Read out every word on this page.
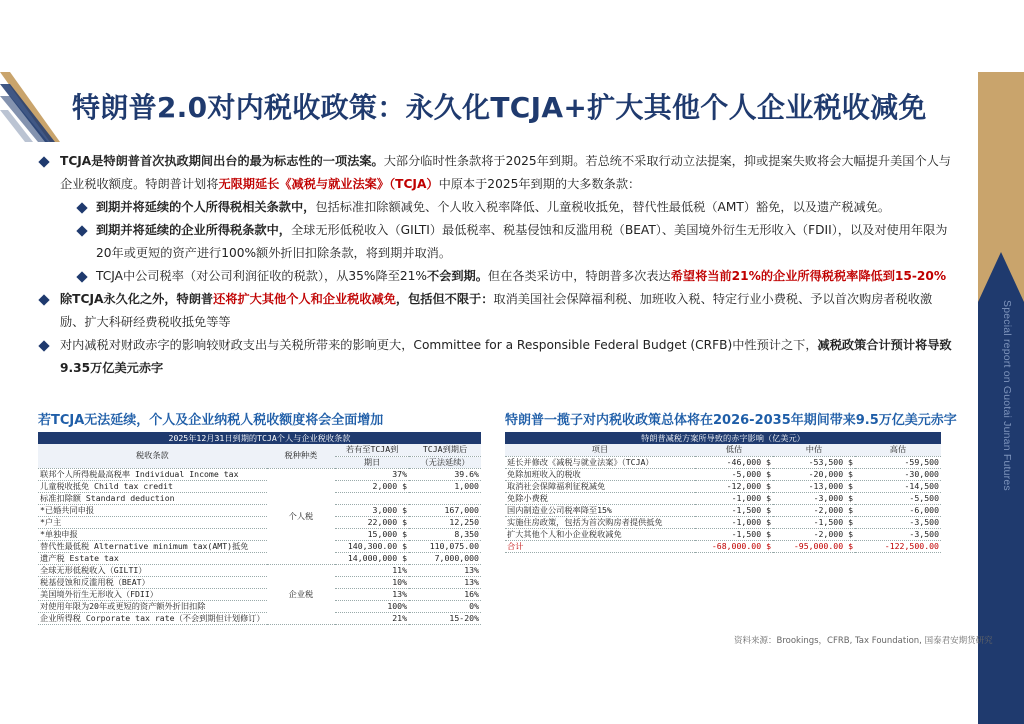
Special report on Guotai Junan Futures
特朗普2.0对内税收政策：永久化TCJA+扩大其他个人企业税收减免
TCJA是特朗普首次执政期间出台的最为标志性的一项法案。大部分临时性条款将于2025年到期。若总统不采取行动立法提案，抑或提案失败将会大幅提升美国个人与企业税收额度。特朗普计划将无限期延长《减税与就业法案》（TCJA）中原本于2025年到期的大多数条款：
到期并将延续的个人所得税相关条款中，包括标准扣除额减免、个人收入税率降低、儿童税收抵免，替代性最低税（AMT）豁免，以及遗产税减免。
到期并将延续的企业所得税条款中，全球无形低税收入（GILTI）最低税率、税基侵蚀和反滥用税（BEAT）、美国境外衍生无形收入（FDII），以及对使用年限为20年或更短的资产进行100%额外折旧扣除条款，将到期并取消。
TCJA中公司税率（对公司利润征收的税款），从35%降至21%不会到期。但在各类采访中，特朗普多次表达希望将当前21%的企业所得税税率降低到15-20%
除TCJA永久化之外，特朗普还将扩大其他个人和企业税收减免，包括但不限于：取消美国社会保障福利税、加班收入税、特定行业小费税、予以首次购房者税收激励、扩大科研经费税收抵免等等
对内减税对财政赤字的影响较财政支出与关税所带来的影响更大，Committee for a Responsible Federal Budget (CRFB)中性预计之下，减税政策合计预计将导致9.35万亿美元赤字
若TCJA无法延续，个人及企业纳税人税收额度将会全面增加
2025年12月31日到期的TCJA个人与企业税收条款			
税收条款	税种种类	若有至TCJA到	TCJA到期后
		期日	（无法延续）
联邦个人所得税最高税率 Individual Income tax	个人税	37%	39.6%
儿童税收抵免 Child tax credit		2,000 $	1,000
标准扣除额 Standard deduction			
*已婚共同申报		3,000 $	167,000
*户主		22,000 $	12,250
*单独申报		15,000 $	8,350
替代性最低税 Alternative minimum tax(AMT)抵免		140,300.00 $	110,075.00
遗产税 Estate tax		14,000,000 $	7,000,000
全球无形低税收入（GILTI）	企业税	11%	13%
税基侵蚀和反滥用税（BEAT）		10%	13%
美国境外衍生无形收入（FDII）		13%	16%
对使用年限为20年或更短的资产额外折旧扣除		100%	0%
企业所得税 Corporate tax rate（不会到期但计划修订）		21%	15-20%
特朗普一揽子对内税收政策总体将在2026-2035年期间带来9.5万亿美元赤字
特朗普减税方案所导致的赤字影响（亿美元）			
项目	低估	中估	高估
延长并修改《减税与就业法案》（TCJA）	-46,000 $	-53,500 $	-59,500
免除加班收入的税收	-5,000 $	-20,000 $	-30,000
取消社会保障福利征税减免	-12,000 $	-13,000 $	-14,500
免除小费税	-1,000 $	-3,000 $	-5,500
国内制造业公司税率降至15%	-1,500 $	-2,000 $	-6,000
实施住房政策，包括为首次购房者提供抵免	-1,000 $	-1,500 $	-3,500
扩大其他个人和小企业税收减免	-1,500 $	-2,000 $	-3,500
合计	-68,000.00 $	-95,000.00 $	-122,500.00
资料来源：Brookings，CFRB, Tax Foundation, 国泰君安期货研究
